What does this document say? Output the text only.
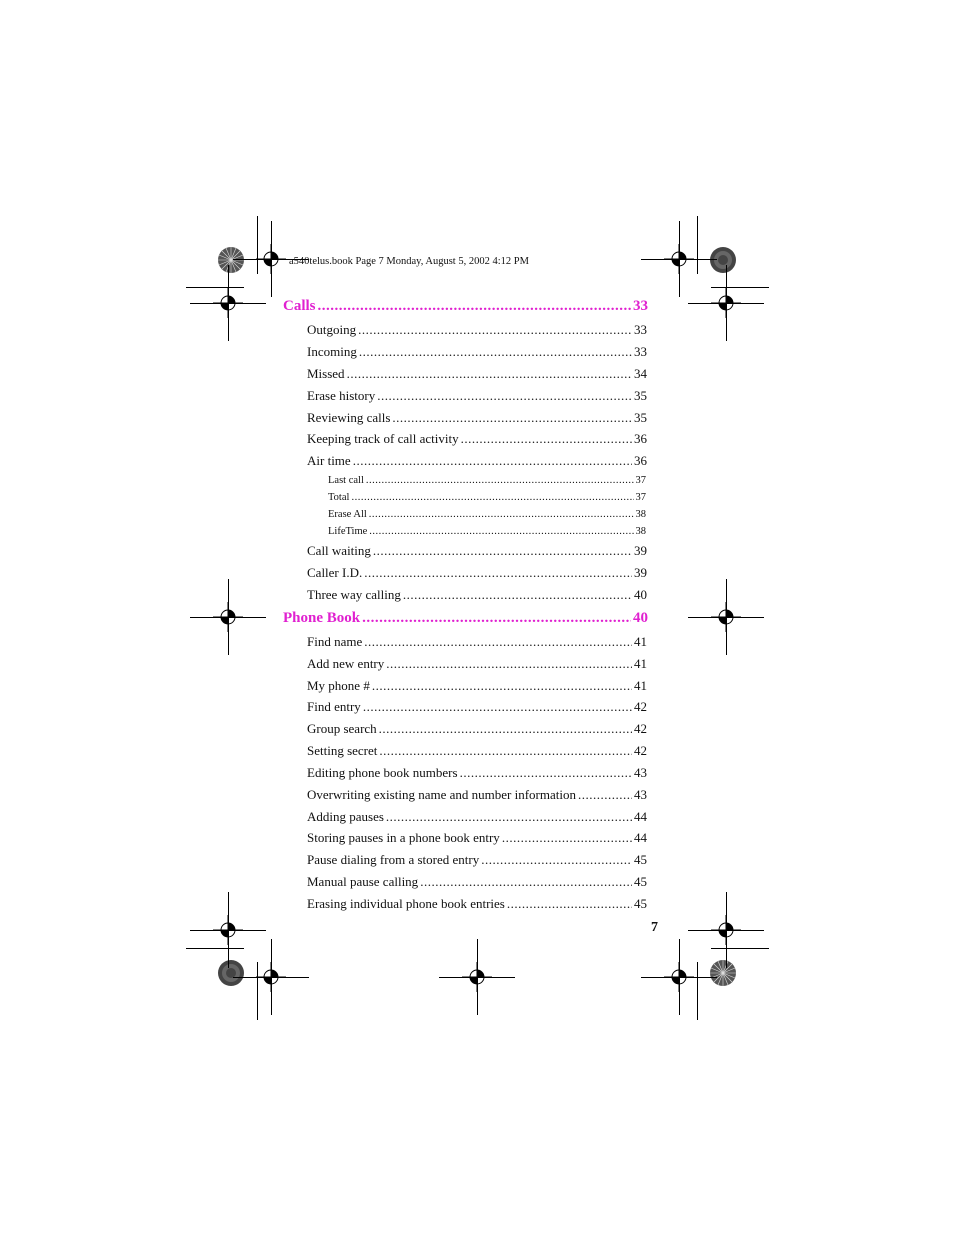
a540telus.book Page 7 Monday, August 5, 2002 4:12 PM
Calls .....	33
Outgoing .....	33
Incoming .....	33
Missed .....	34
Erase history .....	35
Reviewing calls .....	35
Keeping track of call activity .....	36
Air time .....	36
Last call .....	37
Total .....	37
Erase All .....	38
LifeTime .....	38
Call waiting .....	39
Caller I.D. .....	39
Three way calling .....	40
Phone Book .....	40
Find name .....	41
Add new entry .....	41
My phone # .....	41
Find entry .....	42
Group search .....	42
Setting secret .....	42
Editing phone book numbers .....	43
Overwriting existing name and number information .....	43
Adding pauses .....	44
Storing pauses in a phone book entry .....	44
Pause dialing from a stored entry .....	45
Manual pause calling .....	45
Erasing individual phone book entries .....	45
7
